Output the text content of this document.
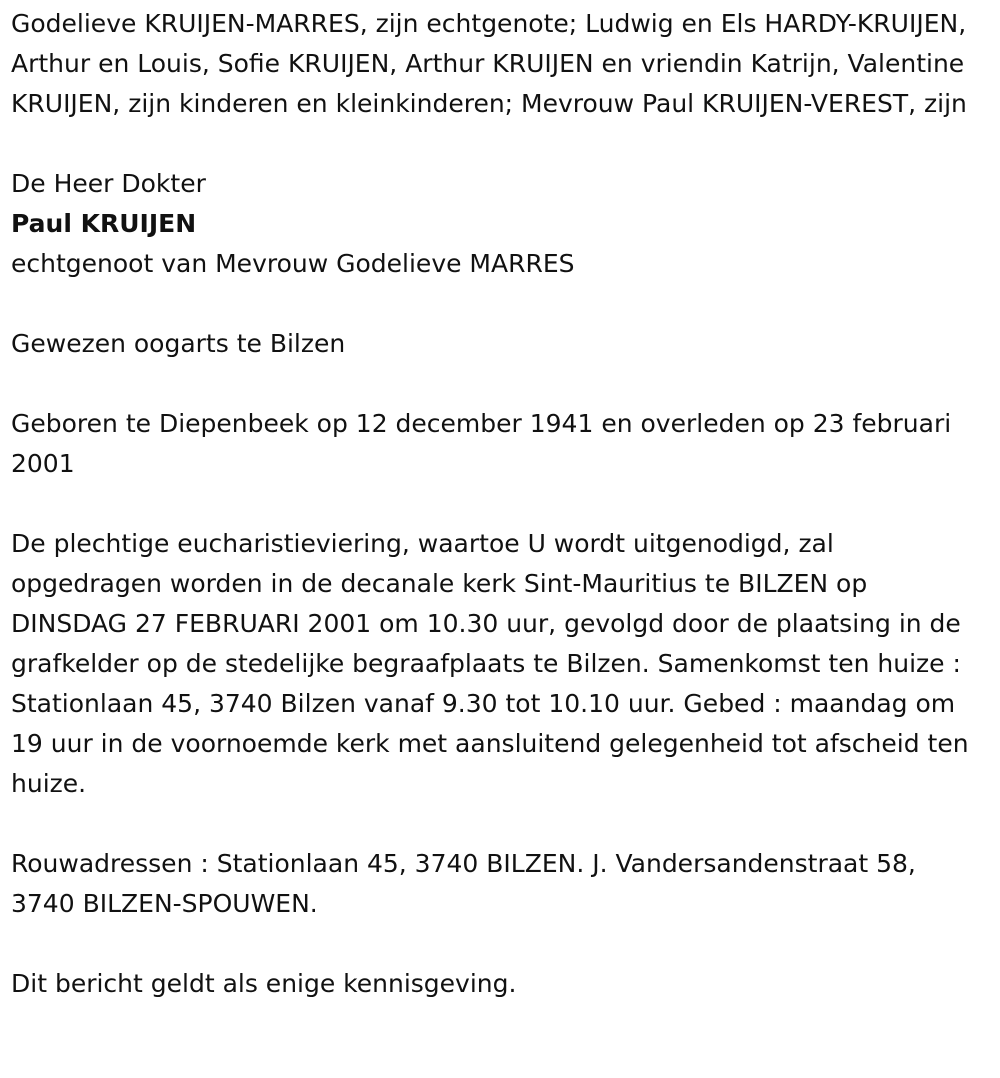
Godelieve KRUIJEN-MARRES, zijn echtgenote; Ludwig en Els HARDY-KRUIJEN, Arthur en Louis, Sofie KRUIJEN, Arthur KRUIJEN en vriendin Katrijn, Valentine KRUIJEN, zijn kinderen en kleinkinderen; Mevrouw Paul KRUIJEN-VEREST, zijn

De Heer Dokter

Paul KRUIJEN

echtgenoot van Mevrouw Godelieve MARRES

Gewezen oogarts te Bilzen

Geboren te Diepenbeek op 12 december 1941 en overleden op 23 februari 2001

De plechtige eucharistieviering, waartoe U wordt uitgenodigd, zal opgedragen worden in de decanale kerk Sint-Mauritius te BILZEN op DINSDAG 27 FEBRUARI 2001 om 10.30 uur, gevolgd door de plaatsing in de grafkelder op de stedelijke begraafplaats te Bilzen. Samenkomst ten huize : Stationlaan 45, 3740 Bilzen vanaf 9.30 tot 10.10 uur. Gebed : maandag om 19 uur in de voornoemde kerk met aansluitend gelegenheid tot afscheid ten huize.

Rouwadressen : Stationlaan 45, 3740 BILZEN. J. Vandersandenstraat 58, 3740 BILZEN-SPOUWEN.

Dit bericht geldt als enige kennisgeving.
